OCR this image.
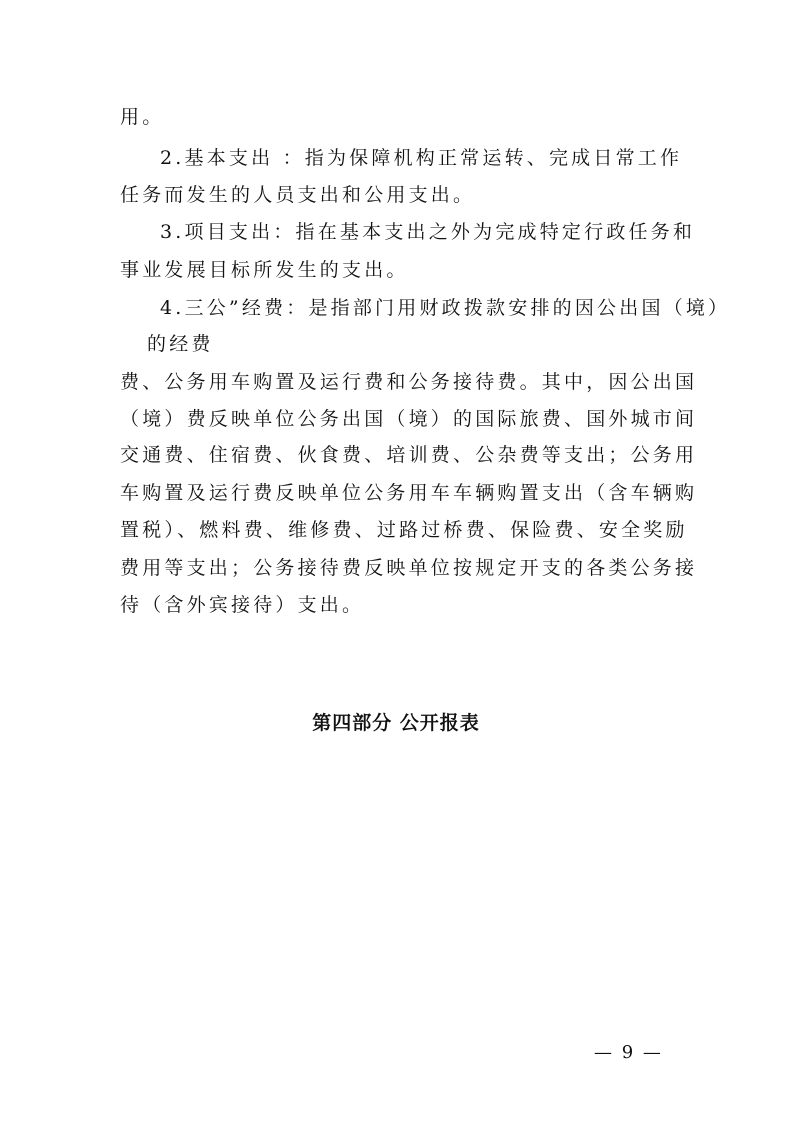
用。
2.基本支出 ：指为保障机构正常运转、完成日常工作
任务而发生的人员支出和公用支出。
3.项目支出：指在基本支出之外为完成特定行政任务和
事业发展目标所发生的支出。
4.三公”经费：是指部门用财政拨款安排的因公出国（境）
的经费
费、公务用车购置及运行费和公务接待费。其中，因公出国
（境）费反映单位公务出国（境）的国际旅费、国外城市间
交通费、住宿费、伙食费、培训费、公杂费等支出；公务用
车购置及运行费反映单位公务用车车辆购置支出（含车辆购
置税）、燃料费、维修费、过路过桥费、保险费、安全奖励
费用等支出；公务接待费反映单位按规定开支的各类公务接
待（含外宾接待）支出。
第四部分 公开报表
— 9 —
